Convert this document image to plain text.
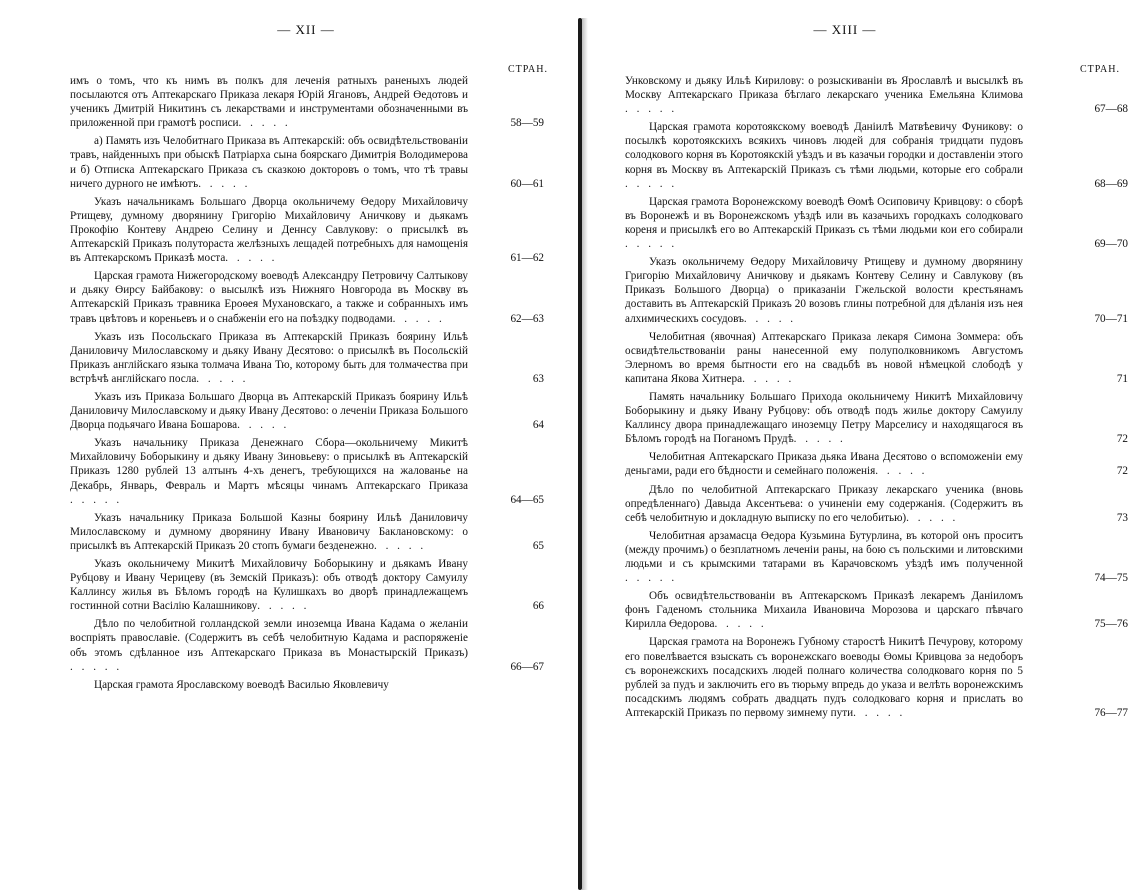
— XII —
СТРАН.
имъ о томъ, что къ нимъ въ полкъ для леченія ратныхъ раненыхъ людей посылаются отъ Аптекарскаго Приказа лекаря Юрій Ягановъ, Андрей Өедотовъ и ученикъ Дмитрій Никитинъ съ лекарствами и инструментами обозначенными въ приложенной при грамотѣ росписи. . . . .	58—59
а) Память изъ Челобитнаго Приказа въ Аптекарскій: объ освидѣтельствованіи травъ, найденныхъ при обыскѣ Патріарха сына боярскаго Димитрія Володимерова и б) Отписка Аптекарскаго Приказа съ сказкою докторовъ о томъ, что тѣ травы ничего дурного не имѣютъ. . . . .	60—61
Указъ начальникамъ Большаго Дворца окольничему Өедору Михайловичу Ртищеву, думному дворянину Григорію Михайловичу Аничкову и дьякамъ Прокофію Контеву Андрею Селину и Деннсу Савлукову: о присылкѣ въ Аптекарскій Приказъ полутораста желѣзныхъ лещадей потребныхъ для намощенія въ Аптекарскомъ Приказѣ моста. . . . .	61—62
Царская грамота Нижегородскому воеводѣ Александру Петровичу Салтыкову и дьяку Өирсу Байбакову: о высылкѣ изъ Нижняго Новгорода въ Москву въ Аптекарскій Приказъ травника Ероөея Мухановскаго, а также и собранныхъ имъ травъ цвѣтовъ и кореньевъ и о снабженіи его на поѣздку подводами. . . . .	62—63
Указъ изъ Посольскаго Приказа въ Аптекарскій Приказъ боярину Ильѣ Даниловичу Милославскому и дьяку Ивану Десятово: о присылкѣ въ Посольскій Приказъ англійскаго языка толмача Ивана Тю, которому быть для толмачества при встрѣчѣ англійскаго посла. . . . .	63
Указъ изъ Приказа Большаго Дворца въ Аптекарскій Приказъ боярину Ильѣ Даниловичу Милославскому и дьяку Ивану Десятово: о леченіи Приказа Большого Дворца подьячаго Ивана Бошарова. . . . .	64
Указъ начальнику Приказа Денежнаго Сбора—окольничему Микитѣ Михайловичу Боборыкину и дьяку Ивану Зиновьеву: о присылкѣ въ Аптекарскій Приказъ 1280 рублей 13 алтынъ 4-хъ денегъ, требующихся на жалованье на Декабрь, Январь, Февраль и Мартъ мѣсяцы чинамъ Аптекарскаго Приказа. . . . .	64—65
Указъ начальнику Приказа Большой Казны боярину Ильѣ Даниловичу Милославскому и думному дворянину Ивану Ивановичу Баклановскому: о присылкѣ въ Аптекарскій Приказъ 20 стопъ бумаги безденежно. . . . .	65
Указъ окольничему Микитѣ Михайловичу Боборыкину и дьякамъ Ивану Рубцову и Ивану Черицеву (въ Земскій Приказъ): объ отводѣ доктору Самуилу Каллинсу жилья въ Бѣломъ городѣ на Кулишкахъ во дворѣ принадлежащемъ гостинной сотни Васілію Калашникову. . . . .	66
Дѣло по челобитной голландской земли иноземца Ивана Кадама о желаніи воспріять православіе. (Содержитъ въ себѣ челобитную Кадама и распоряженіе объ этомъ сдѣланное изъ Аптекарскаго Приказа въ Монастырскій Приказъ). . . . .	66—67
Царская грамота Ярославскому воеводѣ Василью Яковлевичу
— XIII —
СТРАН.
Унковскому и дьяку Ильѣ Кирилову: о розыскиваніи въ Ярославлѣ и высылкѣ въ Москву Аптекарскаго Приказа бѣглаго лекарскаго ученика Емельяна Климова. . . . .	67—68
Царская грамота коротоякскому воеводѣ Даніилѣ Матвѣевичу Фуникову: о посылкѣ коротоякскихъ всякихъ чиновъ людей для собранія тридцати пудовъ солодкового корня въ Коротоякскій уѣздъ и въ казачьи городки и доставленіи этого корня въ Москву въ Аптекарскій Приказъ съ тѣми людьми, которые его собрали. . . . .	68—69
Царская грамота Воронежскому воеводѣ Өомѣ Осиповичу Кривцову: о сборѣ въ Воронежѣ и въ Воронежскомъ уѣздѣ или въ казачьихъ городкахъ солодковаго кореня и присылкѣ его во Аптекарскій Приказъ съ тѣми людьми кои его собирали. . . . .	69—70
Указъ окольничему Өедору Михайловичу Ртищеву и думному дворянину Григорію Михайловичу Аничкову и дьякамъ Контеву Селину и Савлукову (въ Приказъ Большого Дворца) о приказаніи Гжельской волости крестьянамъ доставить въ Аптекарскій Приказъ 20 возовъ глины потребной для дѣланія изъ нея алхимическихъ сосудовъ. . . . .	70—71
Челобитная (явочная) Аптекарскаго Приказа лекаря Симона Зоммера: объ освидѣтельствованіи раны нанесенной ему полуполковникомъ Августомъ Элерномъ во время бытности его на свадьбѣ въ новой нѣмецкой слободѣ у капитана Якова Хитнера. . . . .	71
Память начальнику Большаго Прихода окольничему Никитѣ Михайловичу Боборыкину и дьяку Ивану Рубцову: объ отводѣ подъ жилье доктору Самуилу Каллинсу двора принадлежащаго иноземцу Петру Марселису и находящагося въ Бѣломъ городѣ на Поганомъ Прудѣ. . . . .	72
Челобитная Аптекарскаго Приказа дьяка Ивана Десятово о вспоможеніи ему деньгами, ради его бѣдности и семейнаго положенія. . . . .	72
Дѣло по челобитной Аптекарскаго Приказу лекарскаго ученика (вновь опредѣленнаго) Давыда Аксентьева: о учиненіи ему содержанія. (Содержитъ въ себѣ челобитную и докладную выписку по его челобитью). . . . .	73
Челобитная арзамасца Өедора Кузьмина Бутурлина, въ которой онъ проситъ (между прочимъ) о безплатномъ леченіи раны, на бою съ польскими и литовскими людьми и съ крымскими татарами въ Карачовскомъ уѣздѣ имъ полученной. . . . .	74—75
Объ освидѣтельствованіи въ Аптекарскомъ Приказѣ лекаремъ Даніиломъ фонъ Гаденомъ стольника Михаила Ивановича Морозова и царскаго пѣвчаго Кирилла Өедорова. . . . .	75—76
Царская грамота на Воронежъ Губному старостѣ Никитѣ Печурову, которому его повелѣвается взыскать съ воронежскаго воеводы Өомы Кривцова за недоборъ съ воронежскихъ посадскихъ людей полнаго количества солодковаго корня по 5 рублей за пудъ и заключить его въ тюрьму впредь до указа и велѣть воронежскимъ посадскимъ людямъ собрать двадцать пудъ солодковаго корня и прислать во Аптекарскій Приказъ по первому зимнему пути. . . . .	76—77
